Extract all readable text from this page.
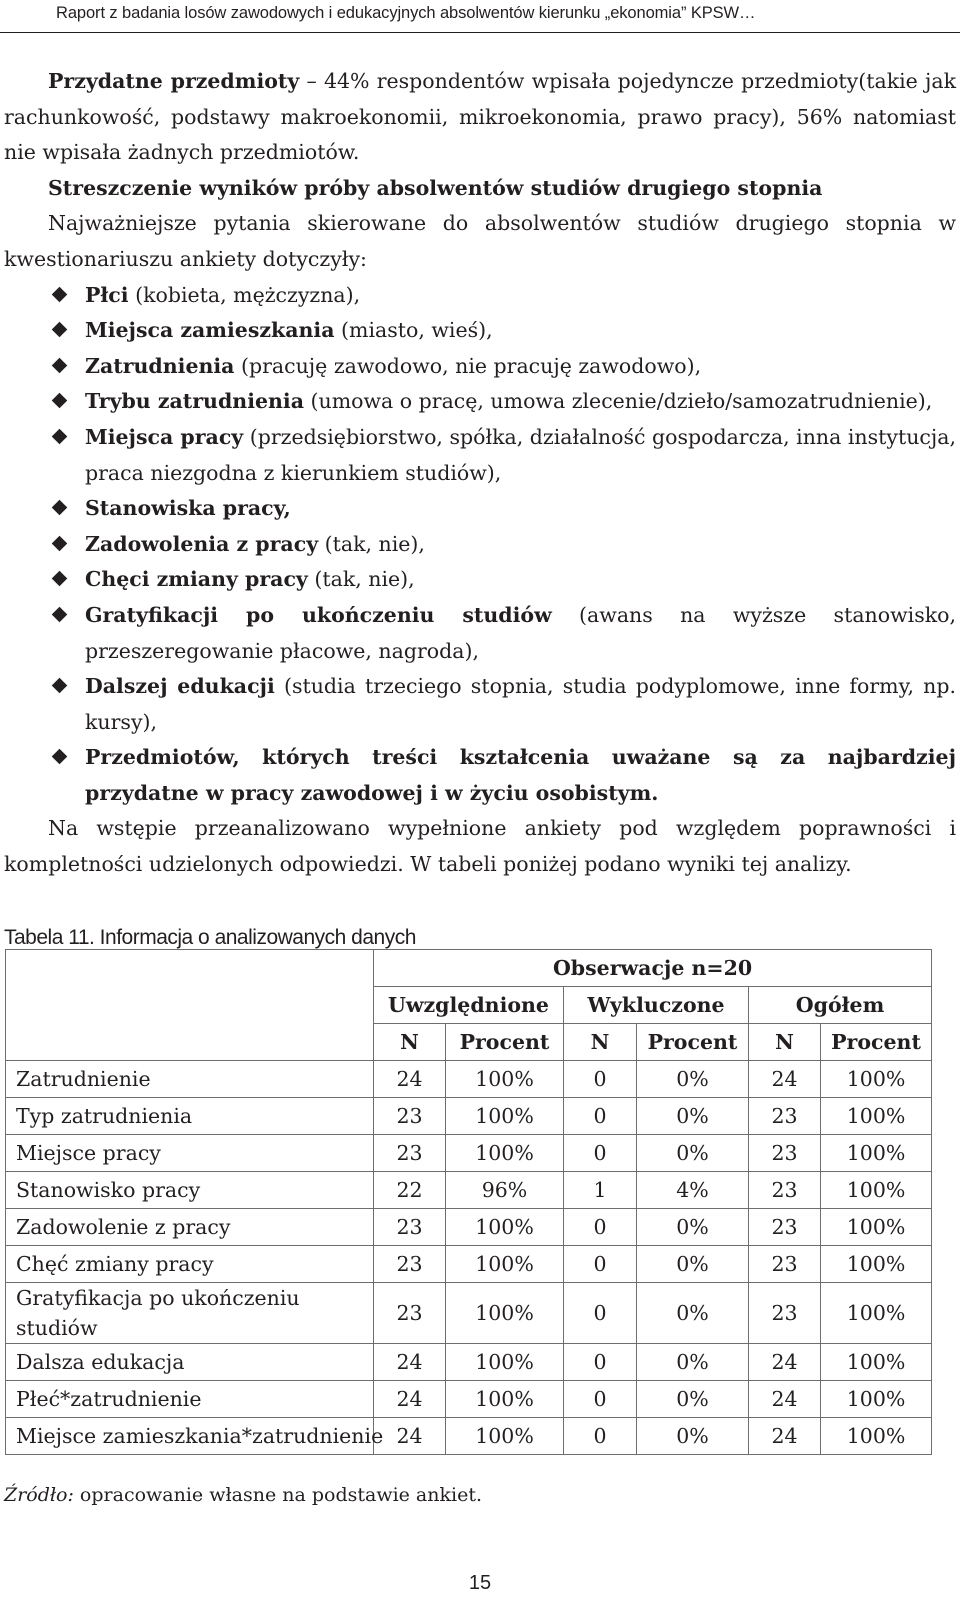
Raport z badania losów zawodowych i edukacyjnych absolwentów kierunku „ekonomia” KPSW…

Przydatne przedmioty – 44% respondentów wpisała pojedyncze przedmioty(takie jak rachunkowość, podstawy makroekonomii, mikroekonomia, prawo pracy), 56% natomiast nie wpisała żadnych przedmiotów.

Streszczenie wyników próby absolwentów studiów drugiego stopnia

Najważniejsze pytania skierowane do absolwentów studiów drugiego stopnia w kwestionariuszu ankiety dotyczyły:

Płci (kobieta, mężczyzna),
Miejsca zamieszkania (miasto, wieś),
Zatrudnienia (pracuję zawodowo, nie pracuję zawodowo),
Trybu zatrudnienia (umowa o pracę, umowa zlecenie/dzieło/samozatrudnienie),
Miejsca pracy (przedsiębiorstwo, spółka, działalność gospodarcza, inna instytucja, praca niezgodna z kierunkiem studiów),
Stanowiska pracy,
Zadowolenia z pracy (tak, nie),
Chęci zmiany pracy (tak, nie),
Gratyfikacji po ukończeniu studiów (awans na wyższe stanowisko, przeszeregowanie płacowe, nagroda),
Dalszej edukacji (studia trzeciego stopnia, studia podyplomowe, inne formy, np. kursy),
Przedmiotów, których treści kształcenia uważane są za najbardziej przydatne w pracy zawodowej i w życiu osobistym.

Na wstępie przeanalizowano wypełnione ankiety pod względem poprawności i kompletności udzielonych odpowiedzi. W tabeli poniżej podano wyniki tej analizy.

Tabela 11. Informacja o analizowanych danych
	Obserwacje n=20					
	Uwzględnione		Wykluczone		Ogółem	
	N	Procent	N	Procent	N	Procent
Zatrudnienie	24	100%	0	0%	24	100%
Typ zatrudnienia	23	100%	0	0%	23	100%
Miejsce pracy	23	100%	0	0%	23	100%
Stanowisko pracy	22	96%	1	4%	23	100%
Zadowolenie z pracy	23	100%	0	0%	23	100%
Chęć zmiany pracy	23	100%	0	0%	23	100%
Gratyfikacja po ukończeniu studiów	23	100%	0	0%	23	100%
Dalsza edukacja	24	100%	0	0%	24	100%
Płeć*zatrudnienie	24	100%	0	0%	24	100%
Miejsce zamieszkania*zatrudnienie	24	100%	0	0%	24	100%
Źródło: opracowanie własne na podstawie ankiet.
15
